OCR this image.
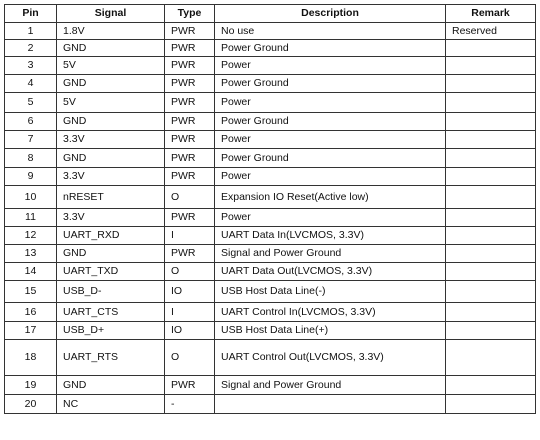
Pin	Signal	Type	Description	Remark
1	1.8V	PWR	No use	Reserved
2	GND	PWR	Power Ground	
3	5V	PWR	Power	
4	GND	PWR	Power Ground	
5	5V	PWR	Power	
6	GND	PWR	Power Ground	
7	3.3V	PWR	Power	
8	GND	PWR	Power Ground	
9	3.3V	PWR	Power	
10	nRESET	O	Expansion IO Reset(Active low)	
11	3.3V	PWR	Power	
12	UART_RXD	I	UART Data In(LVCMOS, 3.3V)	
13	GND	PWR	Signal and Power Ground	
14	UART_TXD	O	UART Data Out(LVCMOS, 3.3V)	
15	USB_D-	IO	USB Host Data Line(-)	
16	UART_CTS	I	UART Control In(LVCMOS, 3.3V)	
17	USB_D+	IO	USB Host Data Line(+)	
18	UART_RTS	O	UART Control Out(LVCMOS, 3.3V)	
19	GND	PWR	Signal and Power Ground	
20	NC	-		
